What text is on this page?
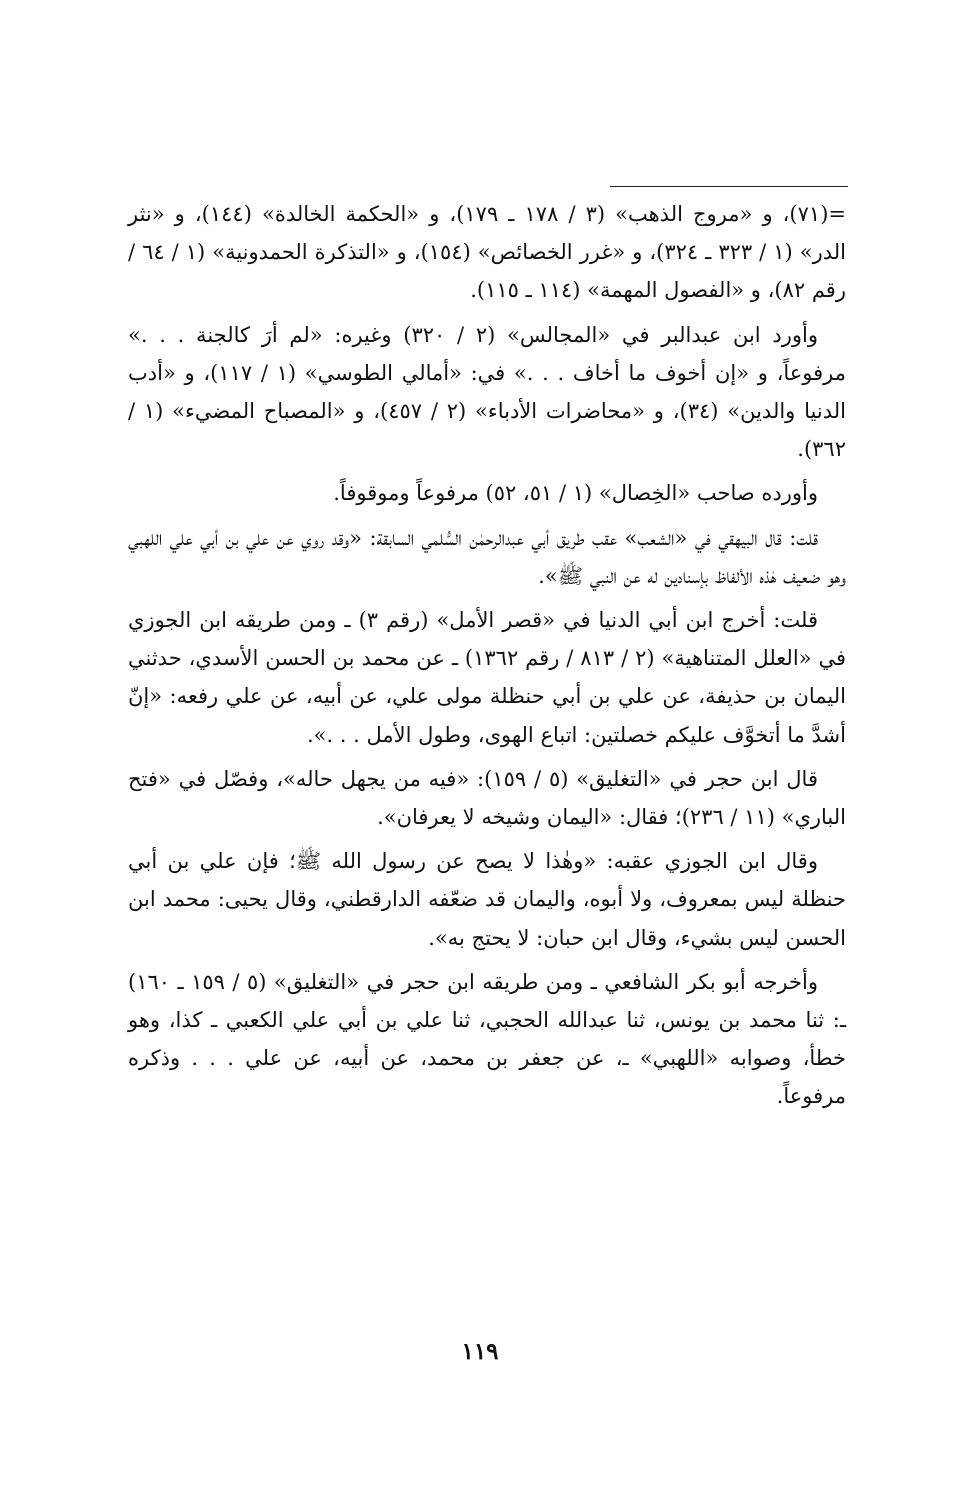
=(٧١)، و «مروج الذهب» (٣ / ١٧٨ ـ ١٧٩)، و «الحكمة الخالدة» (١٤٤)، و «نثر الدر» (١ / ٣٢٣ ـ ٣٢٤)، و «غرر الخصائص» (١٥٤)، و «التذكرة الحمدونية» (١ / ٦٤ / رقم ٨٢)، و «الفصول المهمة» (١١٤ ـ ١١٥).

وأورد ابن عبدالبر في «المجالس» (٢ / ٣٢٠) وغيره: «لم أرَ كالجنة . . .» مرفوعاً، و «إن أخوف ما أخاف . . .» في: «أمالي الطوسي» (١ / ١١٧)، و «أدب الدنيا والدين» (٣٤)، و «محاضرات الأدباء» (٢ / ٤٥٧)، و «المصباح المضيء» (١ / ٣٦٢).

وأورده صاحب «الخِصال» (١ / ٥١، ٥٢) مرفوعاً وموقوفاً.

قلت: قال البيهقي في «الشعب» عقب طريق أبي عبدالرحمٰن السُّلمي السابقة: «وقد روي عن علي بن أبي علي اللهبي وهو ضعيف هٰذه الألفاظ بإسنادين له عن النبي ﷺ».

قلت: أخرج ابن أبي الدنيا في «قصر الأمل» (رقم ٣) ـ ومن طريقه ابن الجوزي في «العلل المتناهية» (٢ / ٨١٣ / رقم ١٣٦٢) ـ عن محمد بن الحسن الأسدي، حدثني اليمان بن حذيفة، عن علي بن أبي حنظلة مولى علي، عن أبيه، عن علي رفعه: «إنّ أشدَّ ما أتخوَّف عليكم خصلتين: اتباع الهوى، وطول الأمل . . .».

قال ابن حجر في «التغليق» (٥ / ١٥٩): «فيه من يجهل حاله»، وفصّل في «فتح الباري» (١١ / ٢٣٦)؛ فقال: «اليمان وشيخه لا يعرفان».

وقال ابن الجوزي عقبه: «وهٰذا لا يصح عن رسول الله ﷺ؛ فإن علي بن أبي حنظلة ليس بمعروف، ولا أبوه، واليمان قد ضعّفه الدارقطني، وقال يحيى: محمد ابن الحسن ليس بشيء، وقال ابن حبان: لا يحتج به».

وأخرجه أبو بكر الشافعي ـ ومن طريقه ابن حجر في «التغليق» (٥ / ١٥٩ ـ ١٦٠) ـ: ثنا محمد بن يونس، ثنا عبدالله الحجبي، ثنا علي بن أبي علي الكعبي ـ كذا، وهو خطأ، وصوابه «اللهبي» ـ، عن جعفر بن محمد، عن أبيه، عن علي . . . وذكره مرفوعاً.

١١٩
